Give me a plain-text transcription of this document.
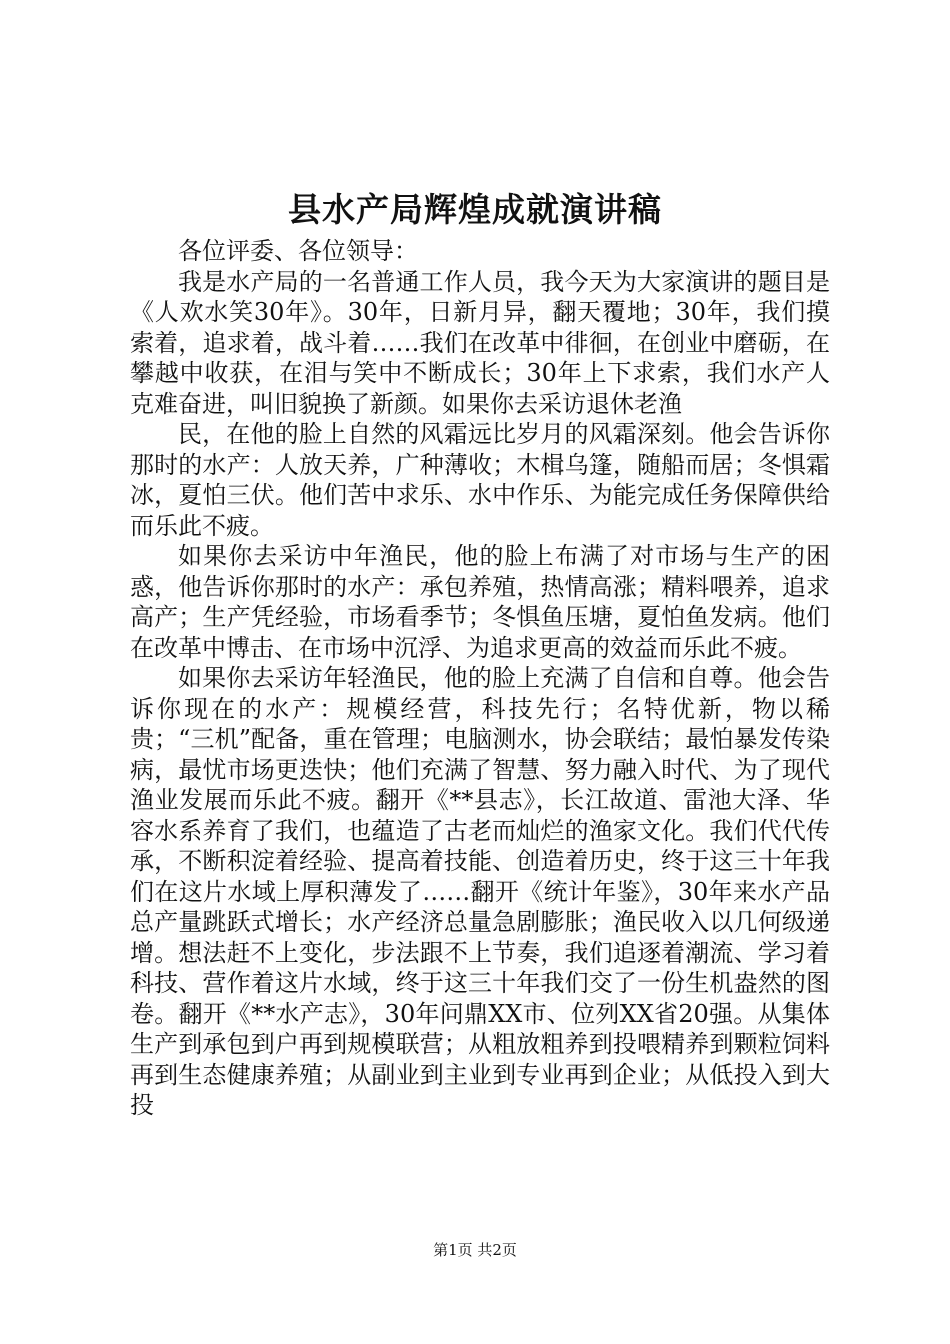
县水产局辉煌成就演讲稿

各位评委、各位领导：

我是水产局的一名普通工作人员，我今天为大家演讲的题目是《人欢水笑30年》。30年，日新月异，翻天覆地；30年，我们摸索着，追求着，战斗着……我们在改革中徘徊，在创业中磨砺，在攀越中收获，在泪与笑中不断成长；30年上下求索，我们水产人克难奋进，叫旧貌换了新颜。如果你去采访退休老渔

民，在他的脸上自然的风霜远比岁月的风霜深刻。他会告诉你那时的水产：人放天养，广种薄收；木楫乌篷，随船而居；冬惧霜冰，夏怕三伏。他们苦中求乐、水中作乐、为能完成任务保障供给而乐此不疲。

如果你去采访中年渔民，他的脸上布满了对市场与生产的困惑，他告诉你那时的水产：承包养殖，热情高涨；精料喂养，追求高产；生产凭经验，市场看季节；冬惧鱼压塘，夏怕鱼发病。他们在改革中博击、在市场中沉浮、为追求更高的效益而乐此不疲。

如果你去采访年轻渔民，他的脸上充满了自信和自尊。他会告诉你现在的水产：规模经营，科技先行；名特优新，物以稀贵；“三机”配备，重在管理；电脑测水，协会联结；最怕暴发传染病，最忧市场更迭快；他们充满了智慧、努力融入时代、为了现代渔业发展而乐此不疲。翻开《**县志》，长江故道、雷池大泽、华容水系养育了我们，也蕴造了古老而灿烂的渔家文化。我们代代传承，不断积淀着经验、提高着技能、创造着历史，终于这三十年我们在这片水域上厚积薄发了……翻开《统计年鉴》，30年来水产品总产量跳跃式增长；水产经济总量急剧膨胀；渔民收入以几何级递增。想法赶不上变化，步法跟不上节奏，我们追逐着潮流、学习着科技、营作着这片水域，终于这三十年我们交了一份生机盎然的图卷。翻开《**水产志》，30年问鼎XX市、位列XX省20强。从集体生产到承包到户再到规模联营；从粗放粗养到投喂精养到颗粒饲料再到生态健康养殖；从副业到主业到专业再到企业；从低投入到大投

第1页 共2页
